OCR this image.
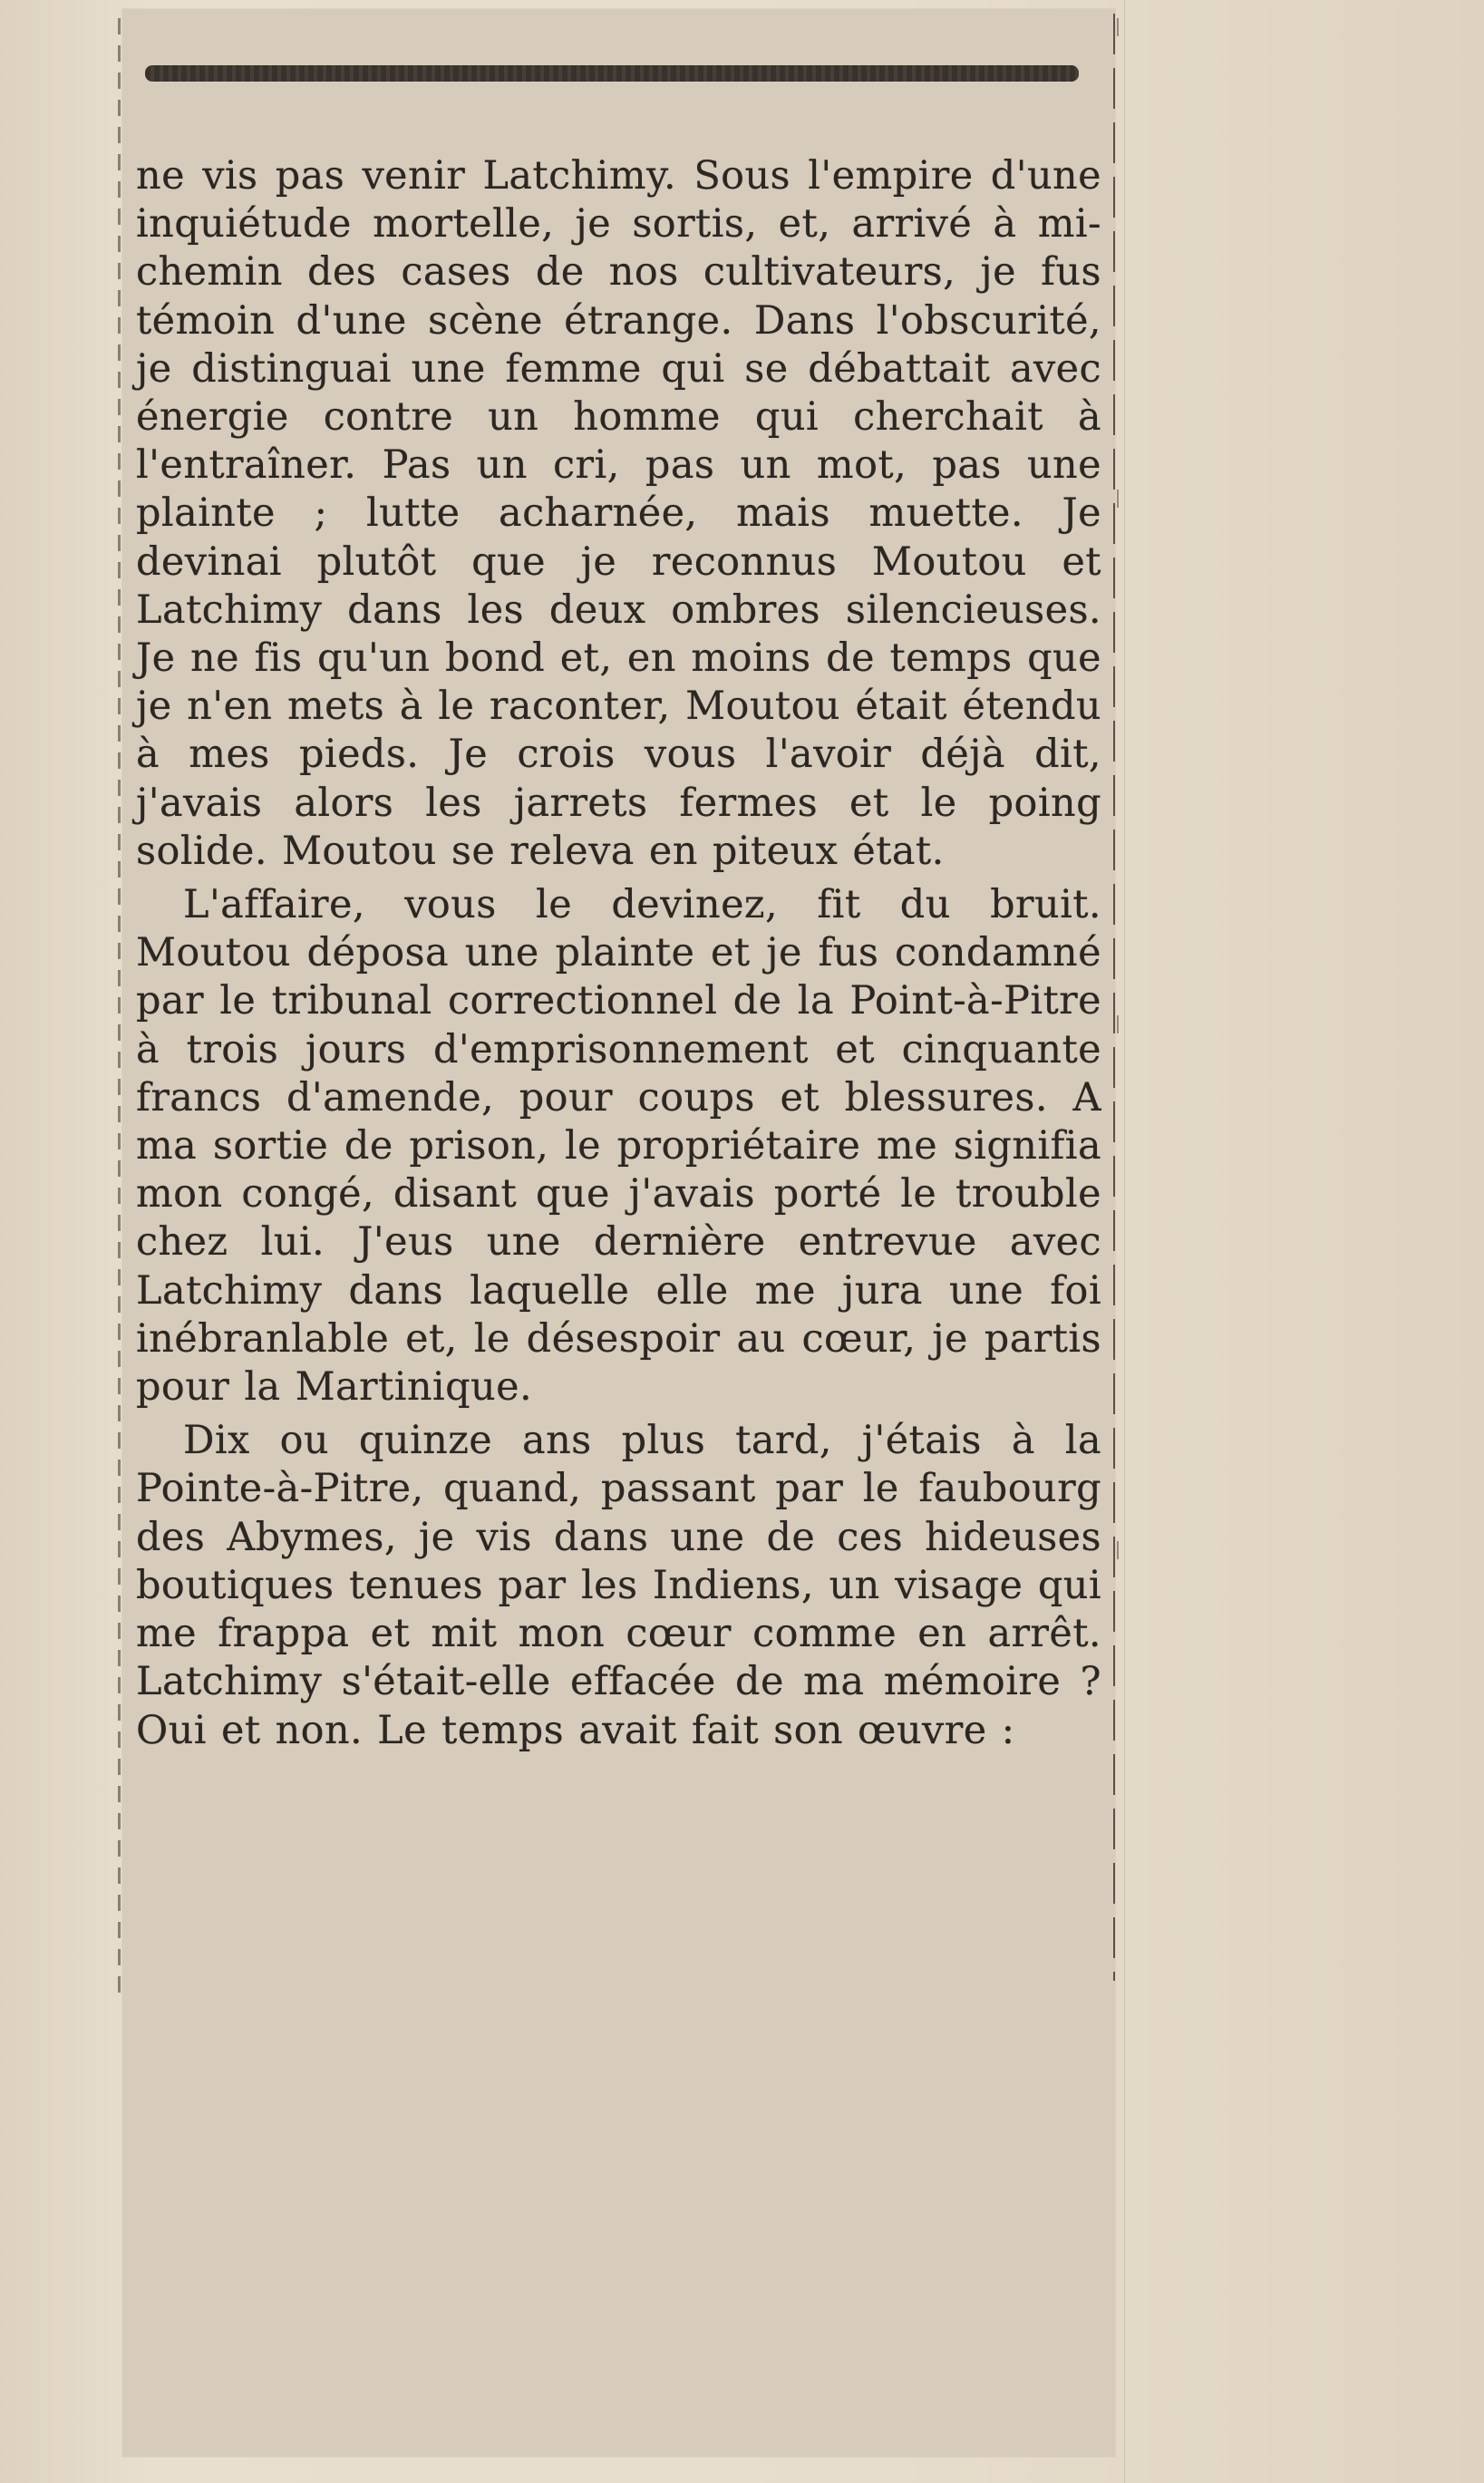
ne vis pas venir Latchimy. Sous l'empire d'une inquiétude mortelle, je sortis, et, arrivé à mi-chemin des cases de nos cultivateurs, je fus témoin d'une scène étrange. Dans l'obscurité, je distinguai une femme qui se débattait avec énergie contre un homme qui cherchait à l'entraîner. Pas un cri, pas un mot, pas une plainte ; lutte acharnée, mais muette. Je devinai plutôt que je reconnus Moutou et Latchimy dans les deux ombres silencieuses. Je ne fis qu'un bond et, en moins de temps que je n'en mets à le raconter, Moutou était étendu à mes pieds. Je crois vous l'avoir déjà dit, j'avais alors les jarrets fermes et le poing solide. Moutou se releva en piteux état.

L'affaire, vous le devinez, fit du bruit. Moutou déposa une plainte et je fus condamné par le tribunal correctionnel de la Point-à-Pitre à trois jours d'emprisonnement et cinquante francs d'amende, pour coups et blessures. A ma sortie de prison, le propriétaire me signifia mon congé, disant que j'avais porté le trouble chez lui. J'eus une dernière entrevue avec Latchimy dans laquelle elle me jura une foi inébranlable et, le désespoir au cœur, je partis pour la Martinique.

Dix ou quinze ans plus tard, j'étais à la Pointe-à-Pitre, quand, passant par le faubourg des Abymes, je vis dans une de ces hideuses boutiques tenues par les Indiens, un visage qui me frappa et mit mon cœur comme en arrêt. Latchimy s'était-elle effacée de ma mémoire ? Oui et non. Le temps avait fait son œuvre :
